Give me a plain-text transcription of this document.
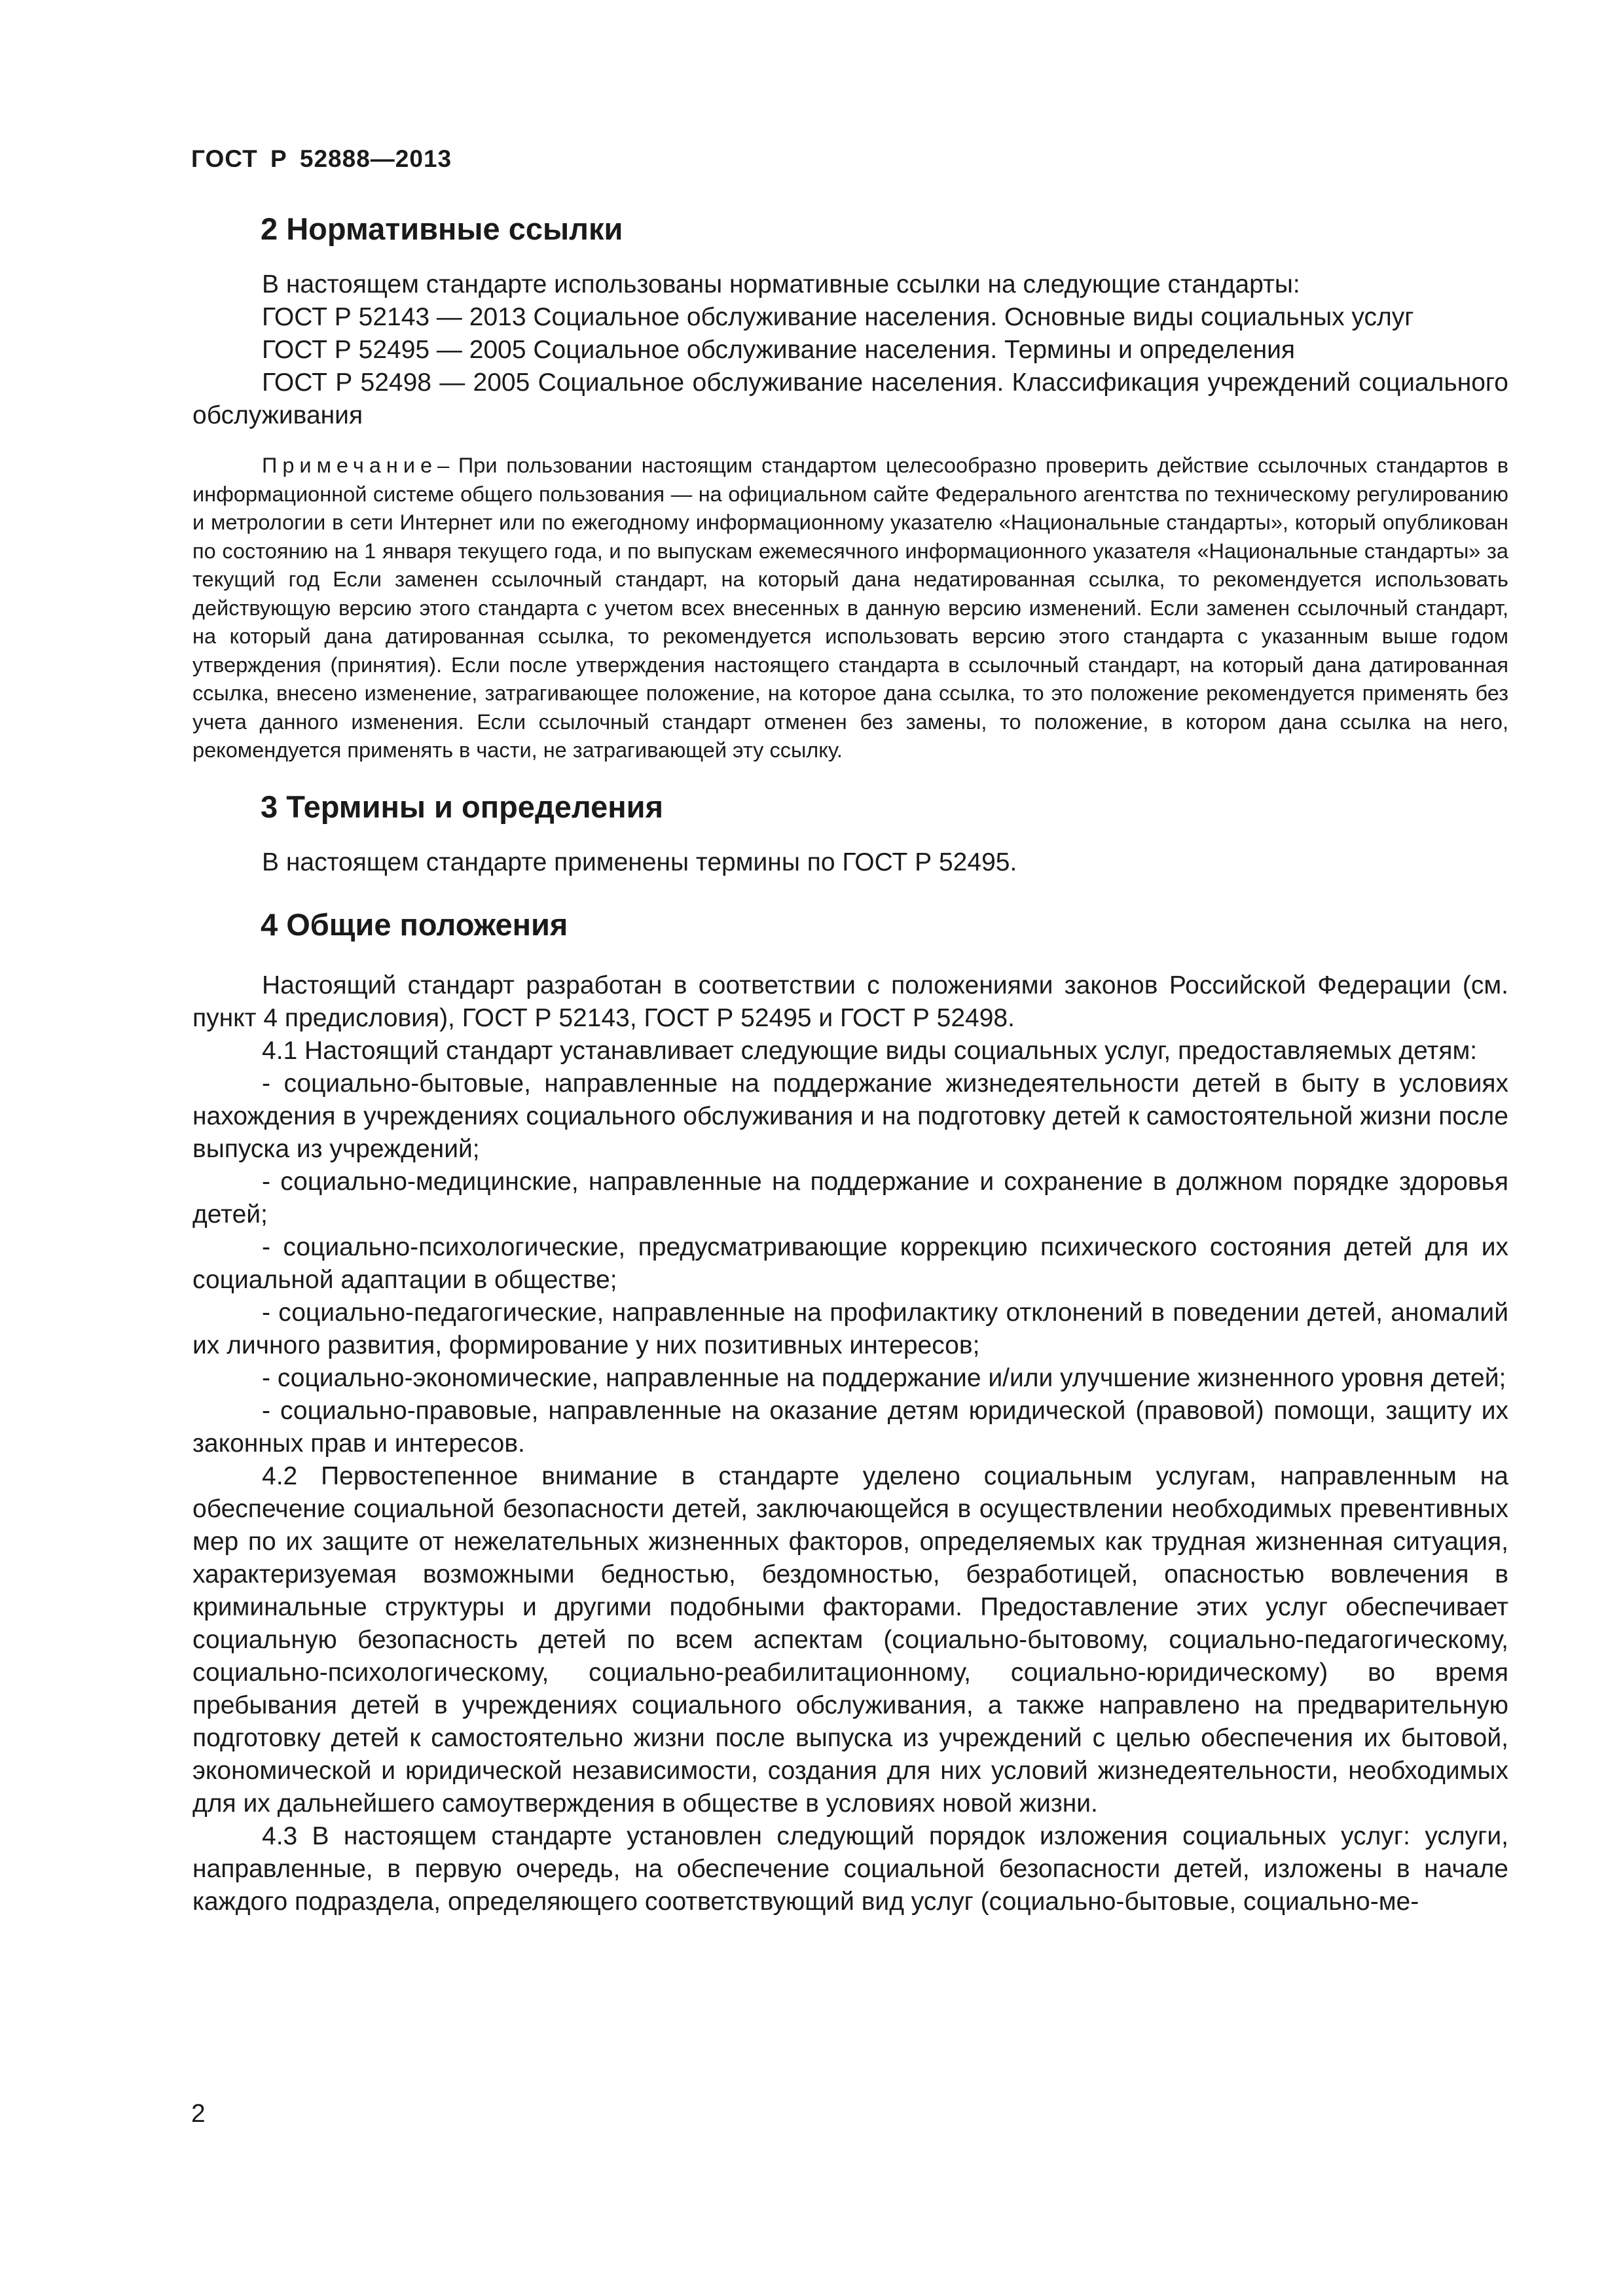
ГОСТ Р 52888—2013
2 Нормативные ссылки

В настоящем стандарте использованы нормативные ссылки на следующие стандарты:

ГОСТ Р 52143 — 2013 Социальное обслуживание населения. Основные виды социальных услуг

ГОСТ Р 52495 — 2005 Социальное обслуживание населения. Термины и определения

ГОСТ Р 52498 — 2005 Социальное обслуживание населения. Классификация учреждений социального обслуживания

Примечание– При пользовании настоящим стандартом целесообразно проверить действие ссылочных стандартов в информационной системе общего пользования — на официальном сайте Федерального агентства по техническому регулированию и метрологии в сети Интернет или по ежегодному информационному указателю «Национальные стандарты», который опубликован по состоянию на 1 января текущего года, и по выпускам ежемесячного информационного указателя «Национальные стандарты» за текущий год Если заменен ссылочный стандарт, на который дана недатированная ссылка, то рекомендуется использовать действующую версию этого стандарта с учетом всех внесенных в данную версию изменений. Если заменен ссылочный стандарт, на который дана датированная ссылка, то рекомендуется использовать версию этого стандарта с указанным выше годом утверждения (принятия). Если после утверждения настоящего стандарта в ссылочный стандарт, на который дана датированная ссылка, внесено изменение, затрагивающее положение, на которое дана ссылка, то это положение рекомендуется применять без учета данного изменения. Если ссылочный стандарт отменен без замены, то положение, в котором дана ссылка на него, рекомендуется применять в части, не затрагивающей эту ссылку.

3 Термины и определения

В настоящем стандарте применены термины по ГОСТ Р 52495.

4 Общие положения

Настоящий стандарт разработан в соответствии с положениями законов Российской Федерации (см. пункт 4 предисловия), ГОСТ Р 52143, ГОСТ Р 52495 и ГОСТ Р 52498.

4.1 Настоящий стандарт устанавливает следующие виды социальных услуг, предоставляемых детям:

- социально-бытовые, направленные на поддержание жизнедеятельности детей в быту в условиях нахождения в учреждениях социального обслуживания и на подготовку детей к самостоятельной жизни после выпуска из учреждений;

- социально-медицинские, направленные на поддержание и сохранение в должном порядке здоровья детей;

- социально-психологические, предусматривающие коррекцию психического состояния детей для их социальной адаптации в обществе;

- социально-педагогические, направленные на профилактику отклонений в поведении детей, аномалий их личного развития, формирование у них позитивных интересов;

- социально-экономические, направленные на поддержание и/или улучшение жизненного уровня детей;

- социально-правовые, направленные на оказание детям юридической (правовой) помощи, защиту их законных прав и интересов.

4.2 Первостепенное внимание в стандарте уделено социальным услугам, направленным на обеспечение социальной безопасности детей, заключающейся в осуществлении необходимых превентивных мер по их защите от нежелательных жизненных факторов, определяемых как трудная жизненная ситуация, характеризуемая возможными бедностью, бездомностью, безработицей, опасностью вовлечения в криминальные структуры и другими подобными факторами. Предоставление этих услуг обеспечивает социальную безопасность детей по всем аспектам (социально-бытовому, социально-педагогическому, социально-психологическому, социально-реабилитационному, социально-юридическому) во время пребывания детей в учреждениях социального обслуживания, а также направлено на предварительную подготовку детей к самостоятельно жизни после выпуска из учреждений с целью обеспечения их бытовой, экономической и юридической независимости, создания для них условий жизнедеятельности, необходимых для их дальнейшего самоутверждения в обществе в условиях новой жизни.

4.3 В настоящем стандарте установлен следующий порядок изложения социальных услуг: услуги, направленные, в первую очередь, на обеспечение социальной безопасности детей, изложены в начале каждого подраздела, определяющего соответствующий вид услуг (социально-бытовые, социально-ме-

2
